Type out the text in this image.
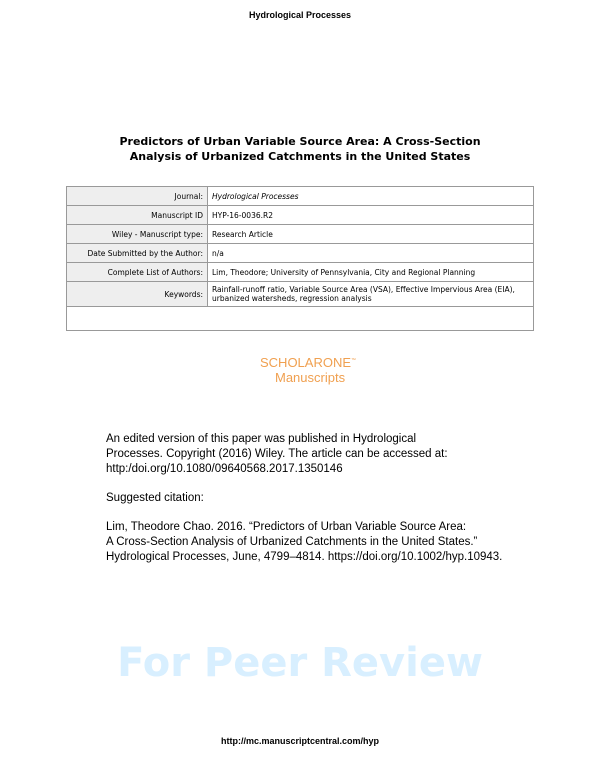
For Peer Review
Hydrological Processes
Predictors of Urban Variable Source Area: A Cross-Section
Analysis of Urbanized Catchments in the United States
Journal:	Hydrological Processes
Manuscript ID	HYP-16-0036.R2
Wiley - Manuscript type:	Research Article
Date Submitted by the Author:	n/a
Complete List of Authors:	Lim, Theodore; University of Pennsylvania, City and Regional Planning
Keywords:	Rainfall-runoff ratio, Variable Source Area (VSA), Effective Impervious Area (EIA), urbanized watersheds, regression analysis

SCHOLARONE™
Manuscripts
An edited version of this paper was published in Hydrological
Processes. Copyright (2016) Wiley. The article can be accessed at:
http:/doi.org/10.1080/09640568.2017.1350146
Suggested citation:
Lim, Theodore Chao. 2016. “Predictors of Urban Variable Source Area:
A Cross-Section Analysis of Urbanized Catchments in the United States.”
Hydrological Processes, June, 4799–4814. https://doi.org/10.1002/hyp.10943.
http://mc.manuscriptcentral.com/hyp
